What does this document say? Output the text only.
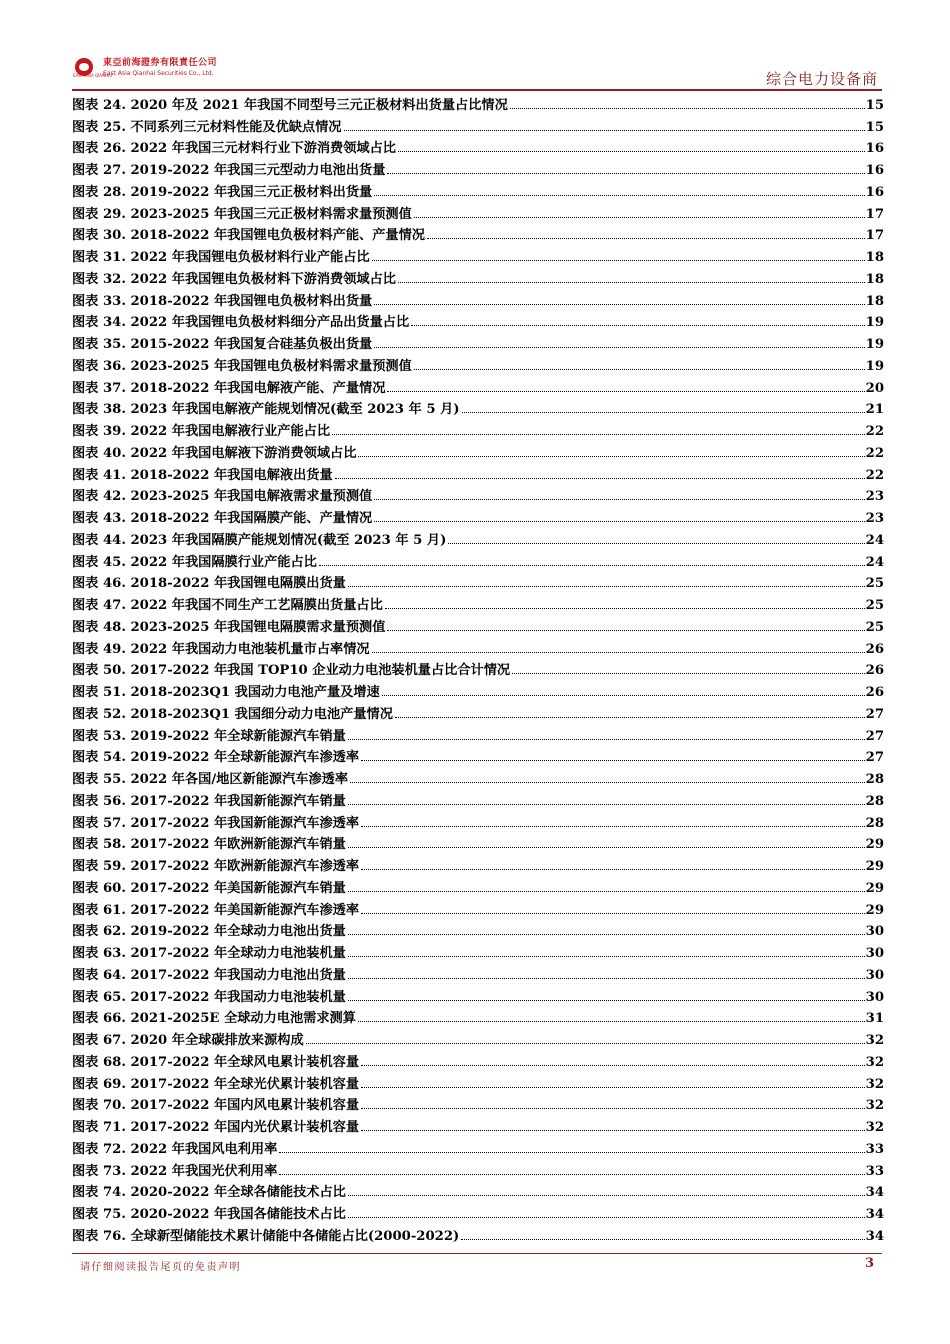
EAST ASIA QIANHAI
東亞前海證券有限責任公司
East Asia Qianhai Securities Co., Ltd.	综合电力设备商
图表 24. 2020 年及 2021 年我国不同型号三元正极材料出货量占比情况	15
图表 25. 不同系列三元材料性能及优缺点情况	15
图表 26. 2022 年我国三元材料行业下游消费领域占比	16
图表 27. 2019-2022 年我国三元型动力电池出货量	16
图表 28. 2019-2022 年我国三元正极材料出货量	16
图表 29. 2023-2025 年我国三元正极材料需求量预测值	17
图表 30. 2018-2022 年我国锂电负极材料产能、产量情况	17
图表 31. 2022 年我国锂电负极材料行业产能占比	18
图表 32. 2022 年我国锂电负极材料下游消费领域占比	18
图表 33. 2018-2022 年我国锂电负极材料出货量	18
图表 34. 2022 年我国锂电负极材料细分产品出货量占比	19
图表 35. 2015-2022 年我国复合硅基负极出货量	19
图表 36. 2023-2025 年我国锂电负极材料需求量预测值	19
图表 37. 2018-2022 年我国电解液产能、产量情况	20
图表 38. 2023 年我国电解液产能规划情况(截至 2023 年 5 月)	21
图表 39. 2022 年我国电解液行业产能占比	22
图表 40. 2022 年我国电解液下游消费领域占比	22
图表 41. 2018-2022 年我国电解液出货量	22
图表 42. 2023-2025 年我国电解液需求量预测值	23
图表 43. 2018-2022 年我国隔膜产能、产量情况	23
图表 44. 2023 年我国隔膜产能规划情况(截至 2023 年 5 月)	24
图表 45. 2022 年我国隔膜行业产能占比	24
图表 46. 2018-2022 年我国锂电隔膜出货量	25
图表 47. 2022 年我国不同生产工艺隔膜出货量占比	25
图表 48. 2023-2025 年我国锂电隔膜需求量预测值	25
图表 49. 2022 年我国动力电池装机量市占率情况	26
图表 50. 2017-2022 年我国 TOP10 企业动力电池装机量占比合计情况	26
图表 51. 2018-2023Q1 我国动力电池产量及增速	26
图表 52. 2018-2023Q1 我国细分动力电池产量情况	27
图表 53. 2019-2022 年全球新能源汽车销量	27
图表 54. 2019-2022 年全球新能源汽车渗透率	27
图表 55. 2022 年各国/地区新能源汽车渗透率	28
图表 56. 2017-2022 年我国新能源汽车销量	28
图表 57. 2017-2022 年我国新能源汽车渗透率	28
图表 58. 2017-2022 年欧洲新能源汽车销量	29
图表 59. 2017-2022 年欧洲新能源汽车渗透率	29
图表 60. 2017-2022 年美国新能源汽车销量	29
图表 61. 2017-2022 年美国新能源汽车渗透率	29
图表 62. 2019-2022 年全球动力电池出货量	30
图表 63. 2017-2022 年全球动力电池装机量	30
图表 64. 2017-2022 年我国动力电池出货量	30
图表 65. 2017-2022 年我国动力电池装机量	30
图表 66. 2021-2025E 全球动力电池需求测算	31
图表 67. 2020 年全球碳排放来源构成	32
图表 68. 2017-2022 年全球风电累计装机容量	32
图表 69. 2017-2022 年全球光伏累计装机容量	32
图表 70. 2017-2022 年国内风电累计装机容量	32
图表 71. 2017-2022 年国内光伏累计装机容量	32
图表 72. 2022 年我国风电利用率	33
图表 73. 2022 年我国光伏利用率	33
图表 74. 2020-2022 年全球各储能技术占比	34
图表 75. 2020-2022 年我国各储能技术占比	34
图表 76. 全球新型储能技术累计储能中各储能占比(2000-2022)	34
请仔细阅读报告尾页的免责声明	3
